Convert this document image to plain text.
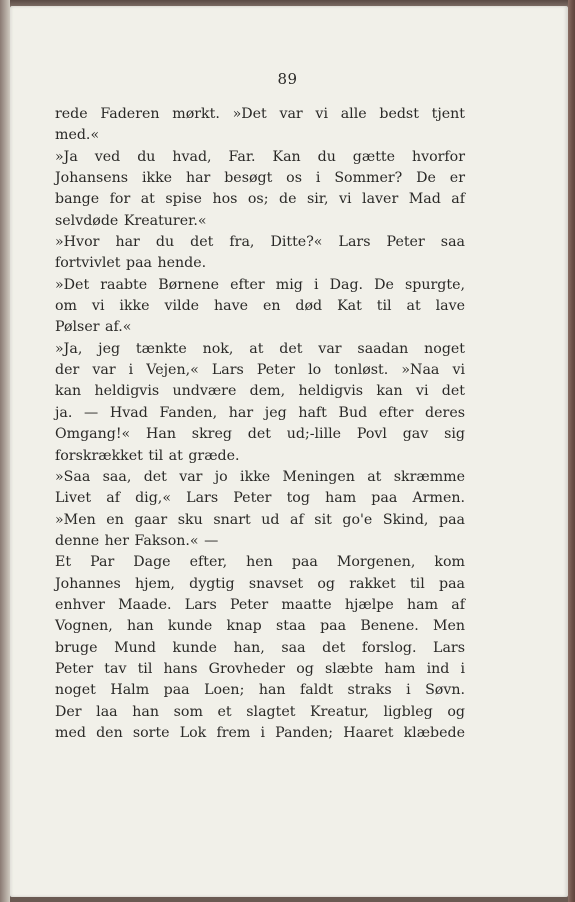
89
rede Faderen mørkt. »Det var vi alle bedst tjent
med.«
»Ja ved du hvad, Far. Kan du gætte hvorfor
Johansens ikke har besøgt os i Sommer? De er
bange for at spise hos os; de sir, vi laver Mad af
selvdøde Kreaturer.«
»Hvor har du det fra, Ditte?« Lars Peter saa
fortvivlet paa hende.
»Det raabte Børnene efter mig i Dag. De spurgte,
om vi ikke vilde have en død Kat til at lave
Pølser af.«
»Ja, jeg tænkte nok, at det var saadan noget
der var i Vejen,« Lars Peter lo tonløst. »Naa vi
kan heldigvis undvære dem, heldigvis kan vi det
ja. — Hvad Fanden, har jeg haft Bud efter deres
Omgang!« Han skreg det ud;-lille Povl gav sig
forskrækket til at græde.
»Saa saa, det var jo ikke Meningen at skræmme
Livet af dig,« Lars Peter tog ham paa Armen.
»Men en gaar sku snart ud af sit go'e Skind, paa
denne her Fakson.« —
Et Par Dage efter, hen paa Morgenen, kom
Johannes hjem, dygtig snavset og rakket til paa
enhver Maade. Lars Peter maatte hjælpe ham af
Vognen, han kunde knap staa paa Benene. Men
bruge Mund kunde han, saa det forslog. Lars
Peter tav til hans Grovheder og slæbte ham ind i
noget Halm paa Loen; han faldt straks i Søvn.
Der laa han som et slagtet Kreatur, ligbleg og
med den sorte Lok frem i Panden; Haaret klæbede
